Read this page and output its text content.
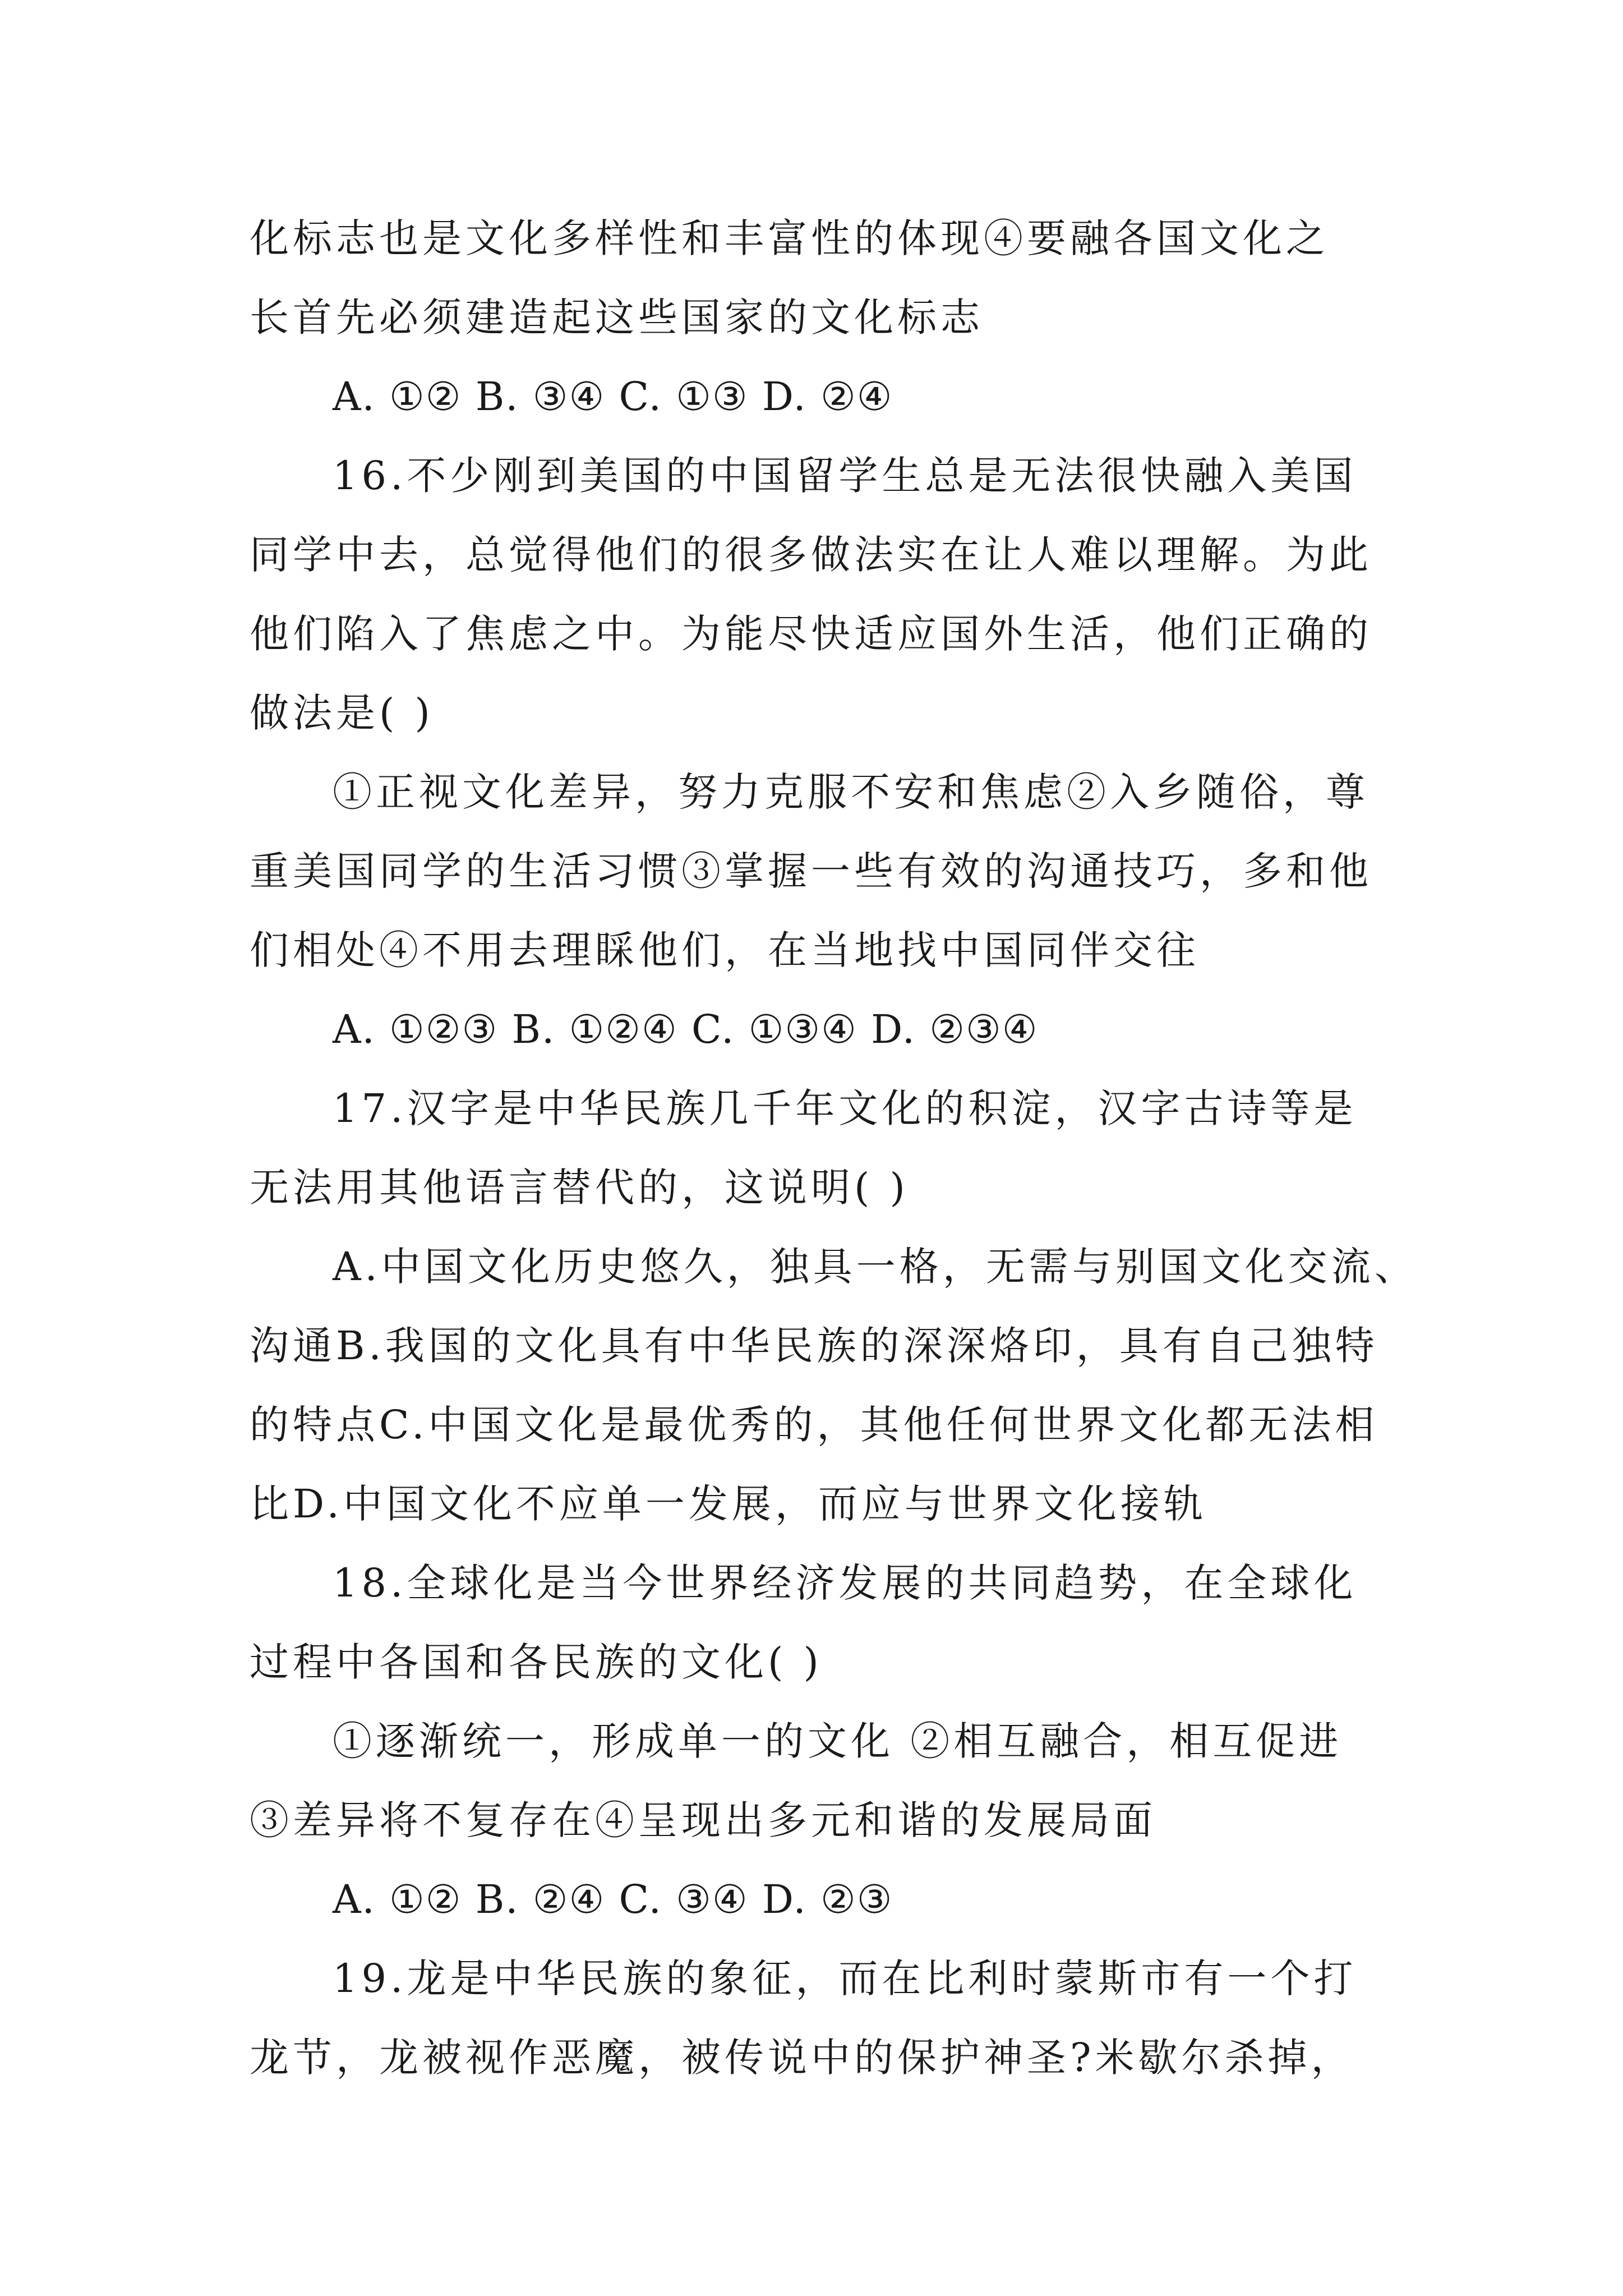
化标志也是文化多样性和丰富性的体现④要融各国文化之
长首先必须建造起这些国家的文化标志
A. ①② B. ③④ C. ①③ D. ②④
16.不少刚到美国的中国留学生总是无法很快融入美国
同学中去，总觉得他们的很多做法实在让人难以理解。为此
他们陷入了焦虑之中。为能尽快适应国外生活，他们正确的
做法是( )
①正视文化差异，努力克服不安和焦虑②入乡随俗，尊
重美国同学的生活习惯③掌握一些有效的沟通技巧，多和他
们相处④不用去理睬他们，在当地找中国同伴交往
A. ①②③ B. ①②④ C. ①③④ D. ②③④
17.汉字是中华民族几千年文化的积淀，汉字古诗等是
无法用其他语言替代的，这说明( )
A.中国文化历史悠久，独具一格，无需与别国文化交流、
沟通B.我国的文化具有中华民族的深深烙印，具有自己独特
的特点C.中国文化是最优秀的，其他任何世界文化都无法相
比D.中国文化不应单一发展，而应与世界文化接轨
18.全球化是当今世界经济发展的共同趋势，在全球化
过程中各国和各民族的文化( )
①逐渐统一，形成单一的文化 ②相互融合，相互促进
③差异将不复存在④呈现出多元和谐的发展局面
A. ①② B. ②④ C. ③④ D. ②③
19.龙是中华民族的象征，而在比利时蒙斯市有一个打
龙节，龙被视作恶魔，被传说中的保护神圣?米歇尔杀掉，
